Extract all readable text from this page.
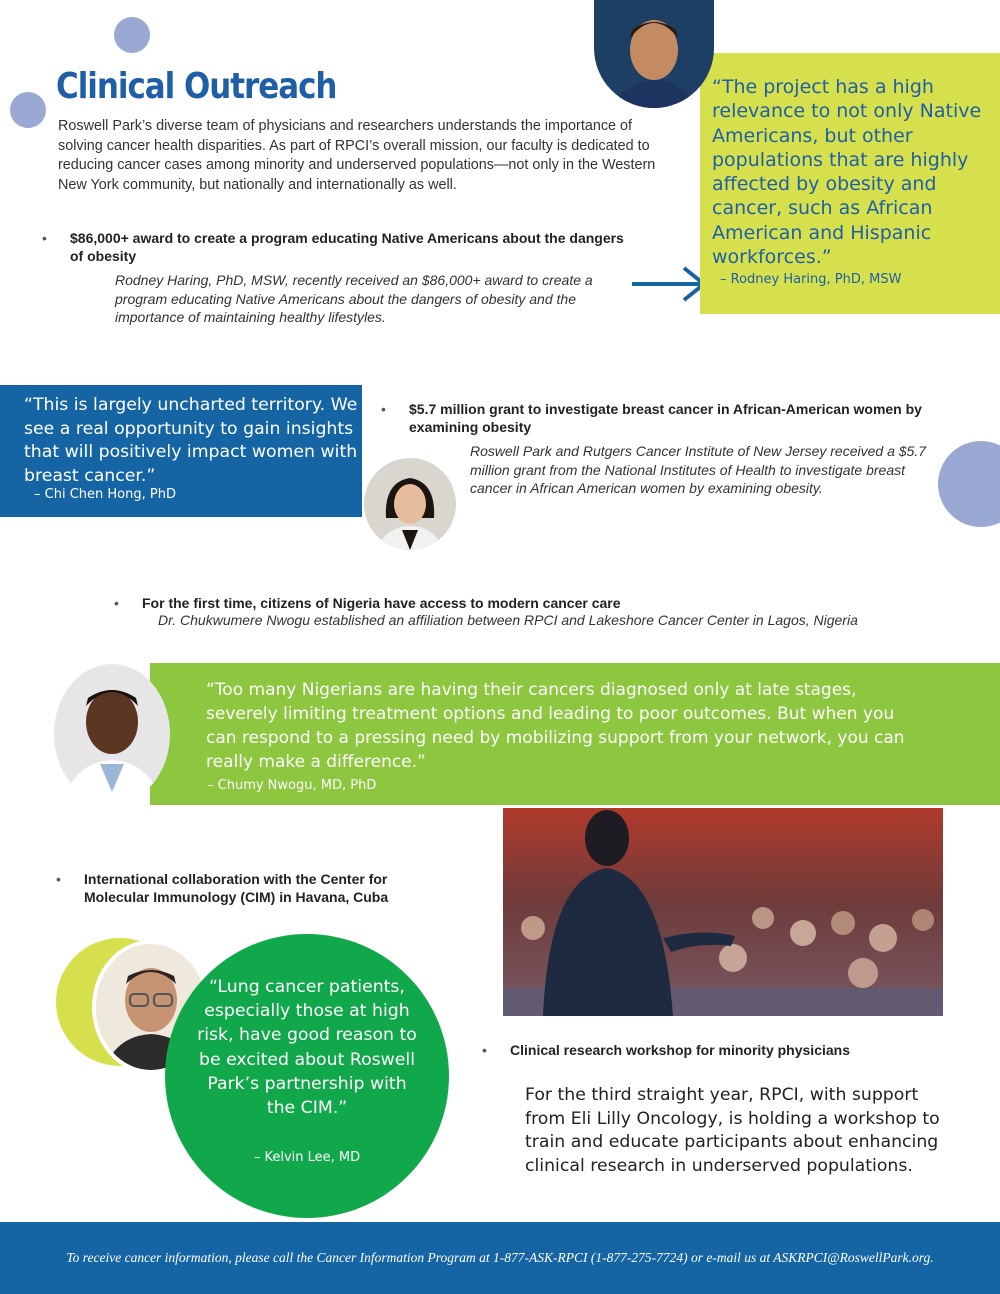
Clinical Outreach
Roswell Park’s diverse team of physicians and researchers understands the importance of solving cancer health disparities. As part of RPCI’s overall mission, our faculty is dedicated to reducing cancer cases among minority and underserved populations—not only in the Western New York community, but nationally and internationally as well.
• $86,000+ award to create a program educating Native Americans about the dangers of obesity
Rodney Haring, PhD, MSW, recently received an $86,000+ award to create a program educating Native Americans about the dangers of obesity and the importance of maintaining healthy lifestyles.
“The project has a high relevance to not only Native Americans, but other populations that are highly affected by obesity and cancer, such as African American and Hispanic workforces.”
– Rodney Haring, PhD, MSW
“This is largely uncharted territory. We see a real opportunity to gain insights that will positively impact women with breast cancer.”
– Chi Chen Hong, PhD
• $5.7 million grant to investigate breast cancer in African-American women by examining obesity
Roswell Park and Rutgers Cancer Institute of New Jersey received a $5.7 million grant from the National Institutes of Health to investigate breast cancer in African American women by examining obesity.
• For the first time, citizens of Nigeria have access to modern cancer care
Dr. Chukwumere Nwogu established an affiliation between RPCI and Lakeshore Cancer Center in Lagos, Nigeria
“Too many Nigerians are having their cancers diagnosed only at late stages, severely limiting treatment options and leading to poor outcomes. But when you can respond to a pressing need by mobilizing support from your network, you can really make a difference.”
– Chumy Nwogu, MD, PhD
• International collaboration with the Center for Molecular Immunology (CIM) in Havana, Cuba
“Lung cancer patients, especially those at high risk, have good reason to be excited about Roswell Park’s partnership with the CIM.”
– Kelvin Lee, MD
• Clinical research workshop for minority physicians
For the third straight year, RPCI, with support from Eli Lilly Oncology, is holding a workshop to train and educate participants about enhancing clinical research in underserved populations.
To receive cancer information, please call the Cancer Information Program at 1-877-ASK-RPCI (1-877-275-7724) or e-mail us at ASKRPCI@RoswellPark.org.
